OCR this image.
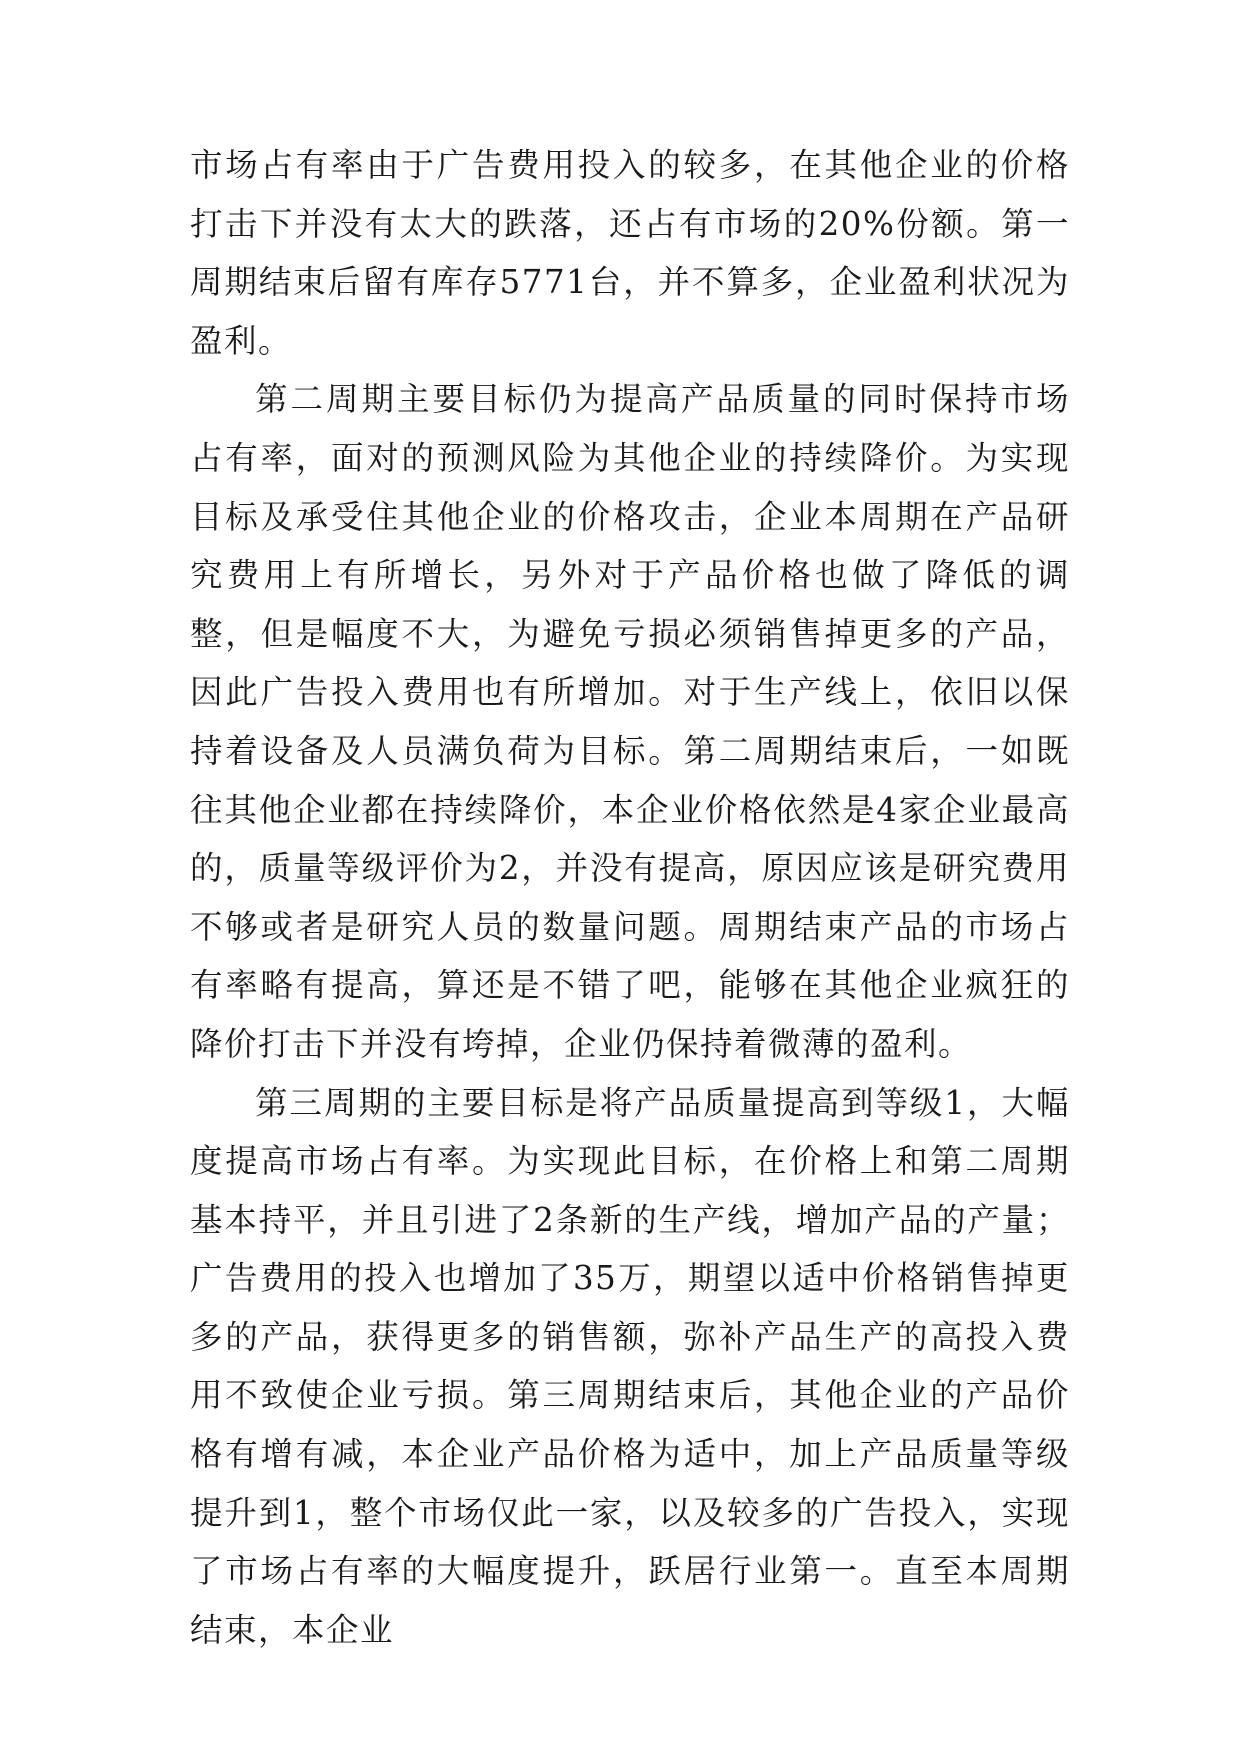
市场占有率由于广告费用投入的较多，在其他企业的价格打击下并没有太大的跌落，还占有市场的20%份额。第一周期结束后留有库存5771台，并不算多，企业盈利状况为盈利。

第二周期主要目标仍为提高产品质量的同时保持市场占有率，面对的预测风险为其他企业的持续降价。为实现目标及承受住其他企业的价格攻击，企业本周期在产品研究费用上有所增长，另外对于产品价格也做了降低的调整，但是幅度不大，为避免亏损必须销售掉更多的产品，因此广告投入费用也有所增加。对于生产线上，依旧以保持着设备及人员满负荷为目标。第二周期结束后，一如既往其他企业都在持续降价，本企业价格依然是4家企业最高的，质量等级评价为2，并没有提高，原因应该是研究费用不够或者是研究人员的数量问题。周期结束产品的市场占有率略有提高，算还是不错了吧，能够在其他企业疯狂的降价打击下并没有垮掉，企业仍保持着微薄的盈利。

第三周期的主要目标是将产品质量提高到等级1，大幅度提高市场占有率。为实现此目标，在价格上和第二周期基本持平，并且引进了2条新的生产线，增加产品的产量；广告费用的投入也增加了35万，期望以适中价格销售掉更多的产品，获得更多的销售额，弥补产品生产的高投入费用不致使企业亏损。第三周期结束后，其他企业的产品价格有增有减，本企业产品价格为适中，加上产品质量等级提升到1，整个市场仅此一家，以及较多的广告投入，实现了市场占有率的大幅度提升，跃居行业第一。直至本周期结束，本企业
